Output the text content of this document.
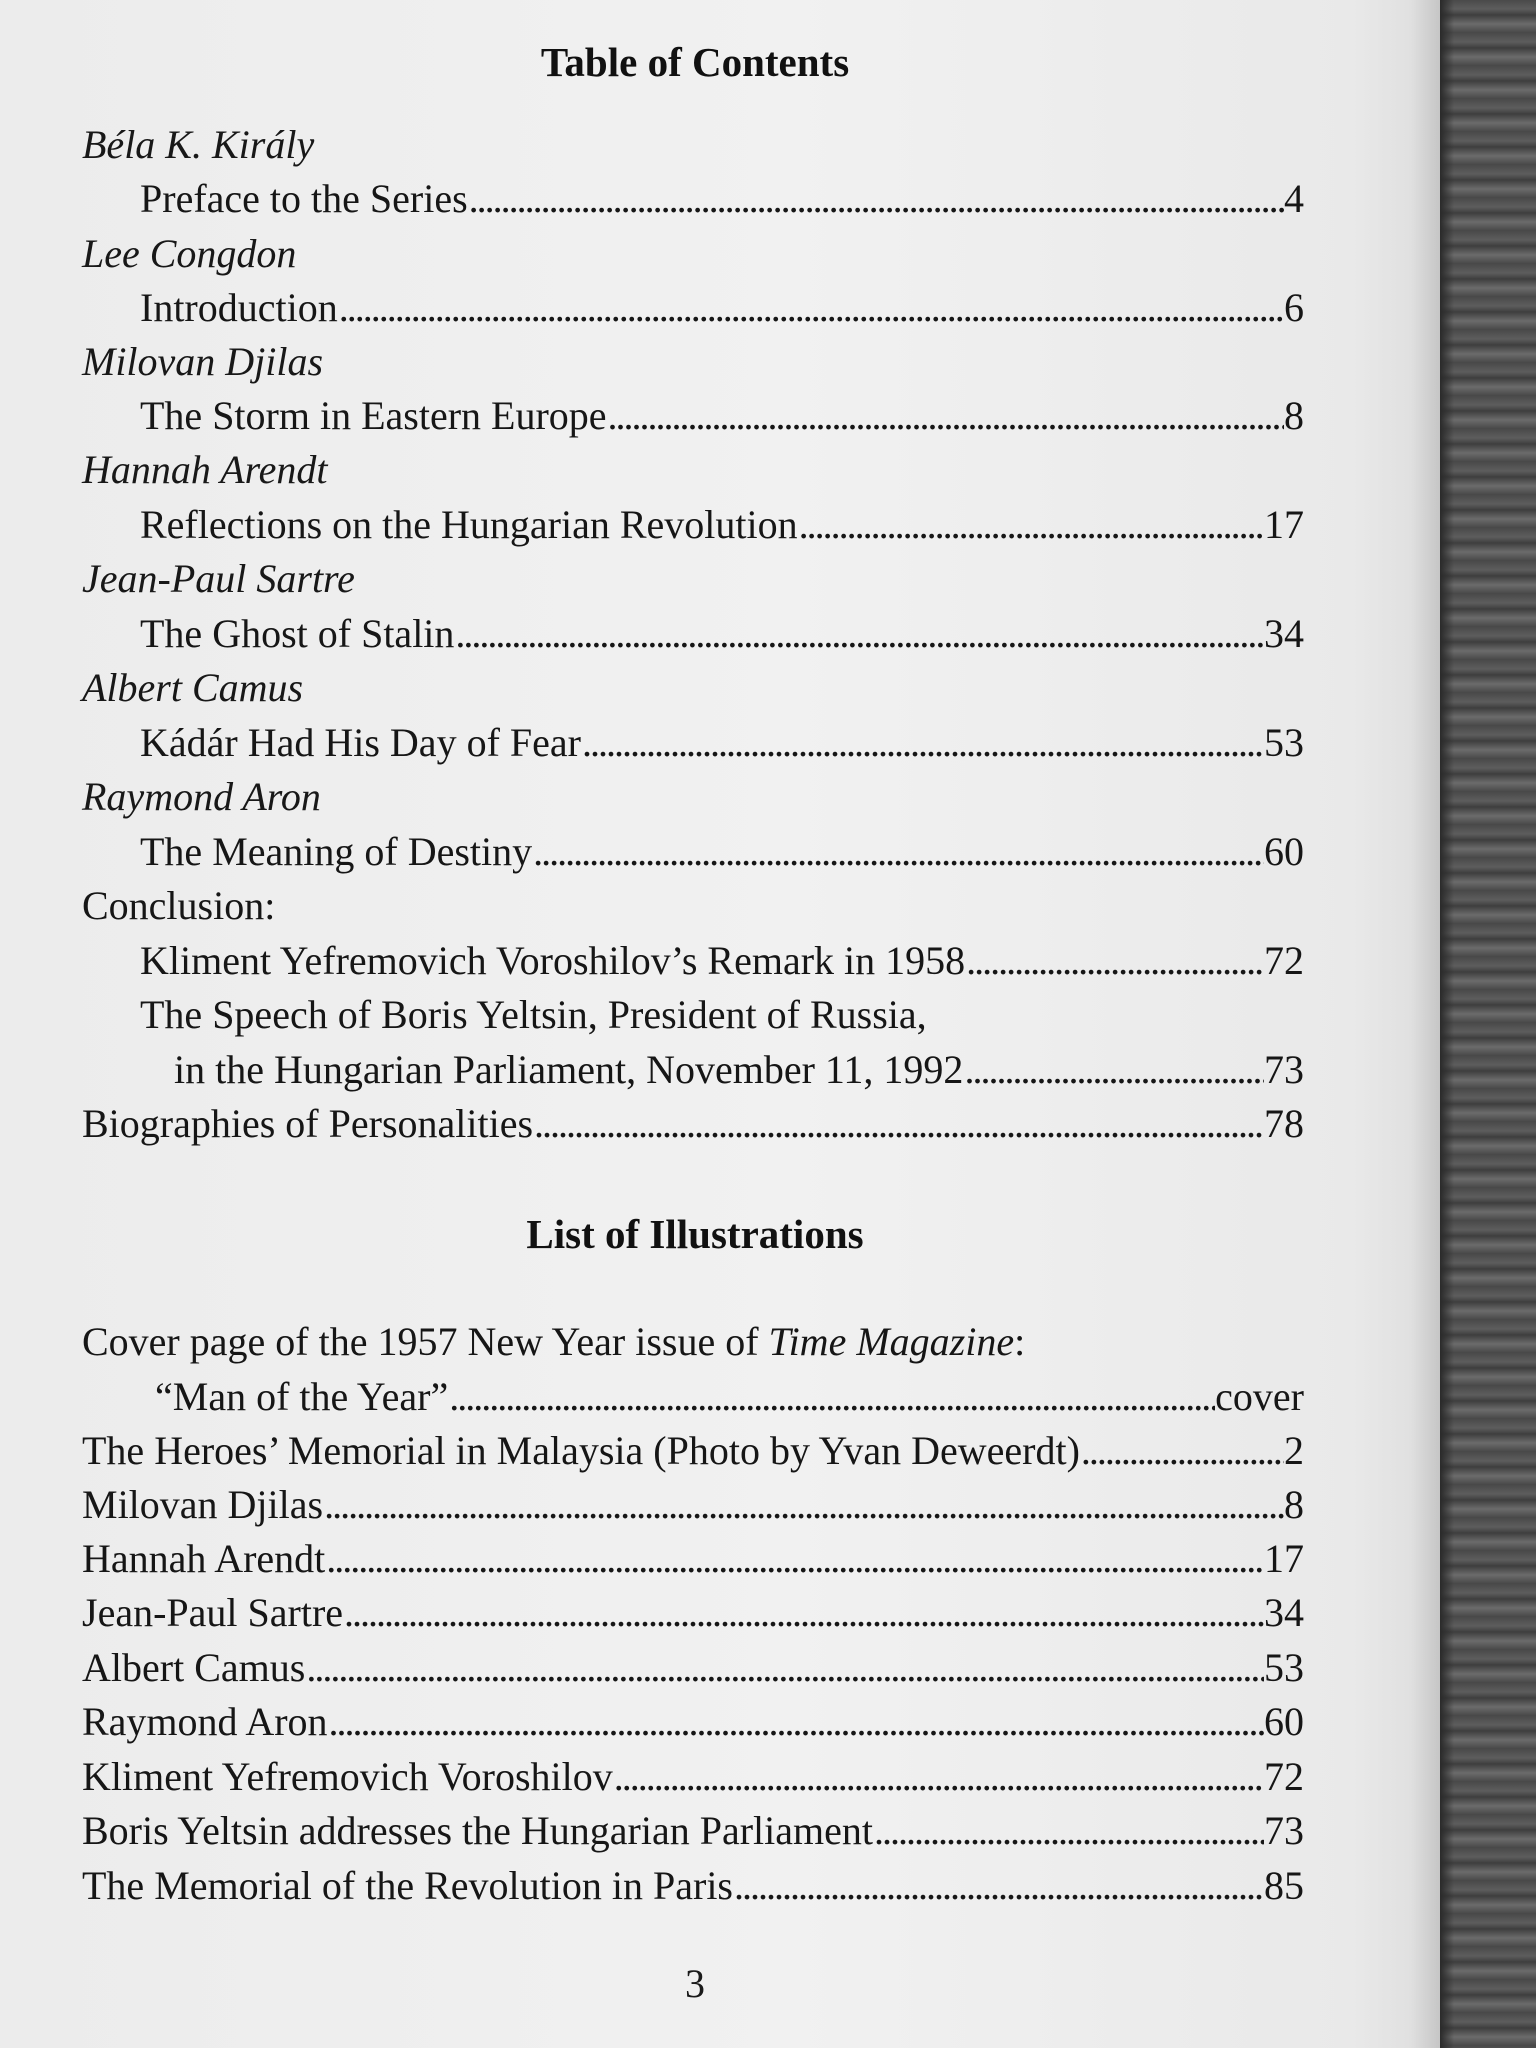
Table of Contents
Béla K. Király
Preface to the Series . . .	4
Lee Congdon
Introduction . . .	6
Milovan Djilas
The Storm in Eastern Europe . . .	8
Hannah Arendt
Reflections on the Hungarian Revolution . . .	17
Jean-Paul Sartre
The Ghost of Stalin . . .	34
Albert Camus
Kádár Had His Day of Fear . . .	53
Raymond Aron
The Meaning of Destiny . . .	60
Conclusion:
Kliment Yefremovich Voroshilov’s Remark in 1958 . . .	72
The Speech of Boris Yeltsin, President of Russia,
in the Hungarian Parliament, November 11, 1992 . . .	73
Biographies of Personalities . . .	78
List of Illustrations
Cover page of the 1957 New Year issue of Time Magazine:
“Man of the Year” . . .	cover
The Heroes’ Memorial in Malaysia (Photo by Yvan Deweerdt) . . .	2
Milovan Djilas . . .	8
Hannah Arendt . . .	17
Jean-Paul Sartre . . .	34
Albert Camus . . .	53
Raymond Aron . . .	60
Kliment Yefremovich Voroshilov . . .	72
Boris Yeltsin addresses the Hungarian Parliament . . .	73
The Memorial of the Revolution in Paris . . .	85
3
